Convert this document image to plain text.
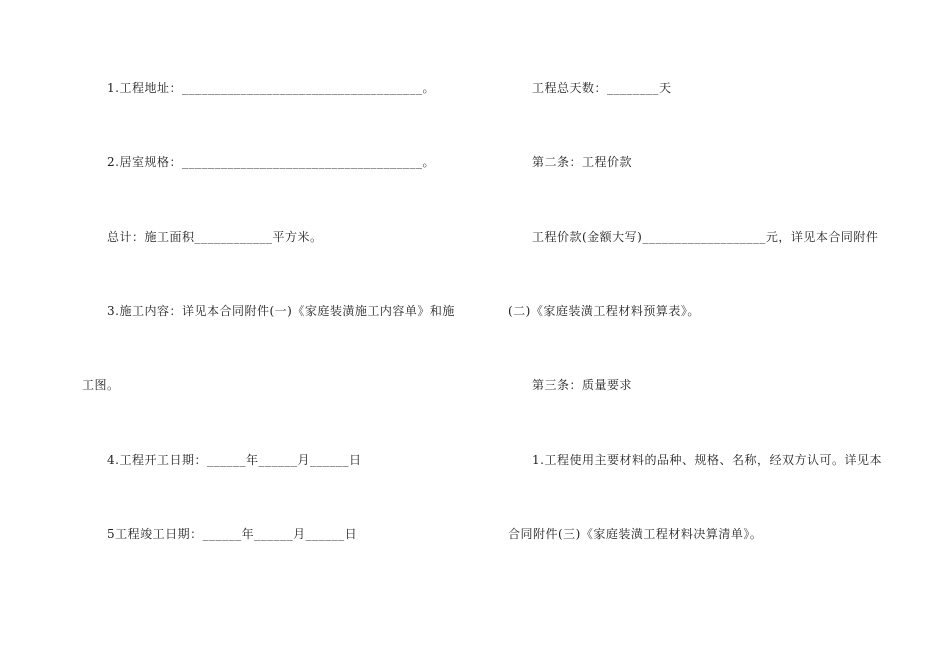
1.工程地址：_____________________________________。
2.居室规格：_____________________________________。
总计：施工面积____________平方米。
3.施工内容：详见本合同附件(一)《家庭装潢施工内容单》和施
工图。
4.工程开工日期：______年______月______日
5工程竣工日期：______年______月______日
工程总天数：________天
第二条：工程价款
工程价款(金额大写)___________________元，详见本合同附件
(二)《家庭装潢工程材料预算表》。
第三条：质量要求
1.工程使用主要材料的品种、规格、名称，经双方认可。详见本
合同附件(三)《家庭装潢工程材料决算清单》。
